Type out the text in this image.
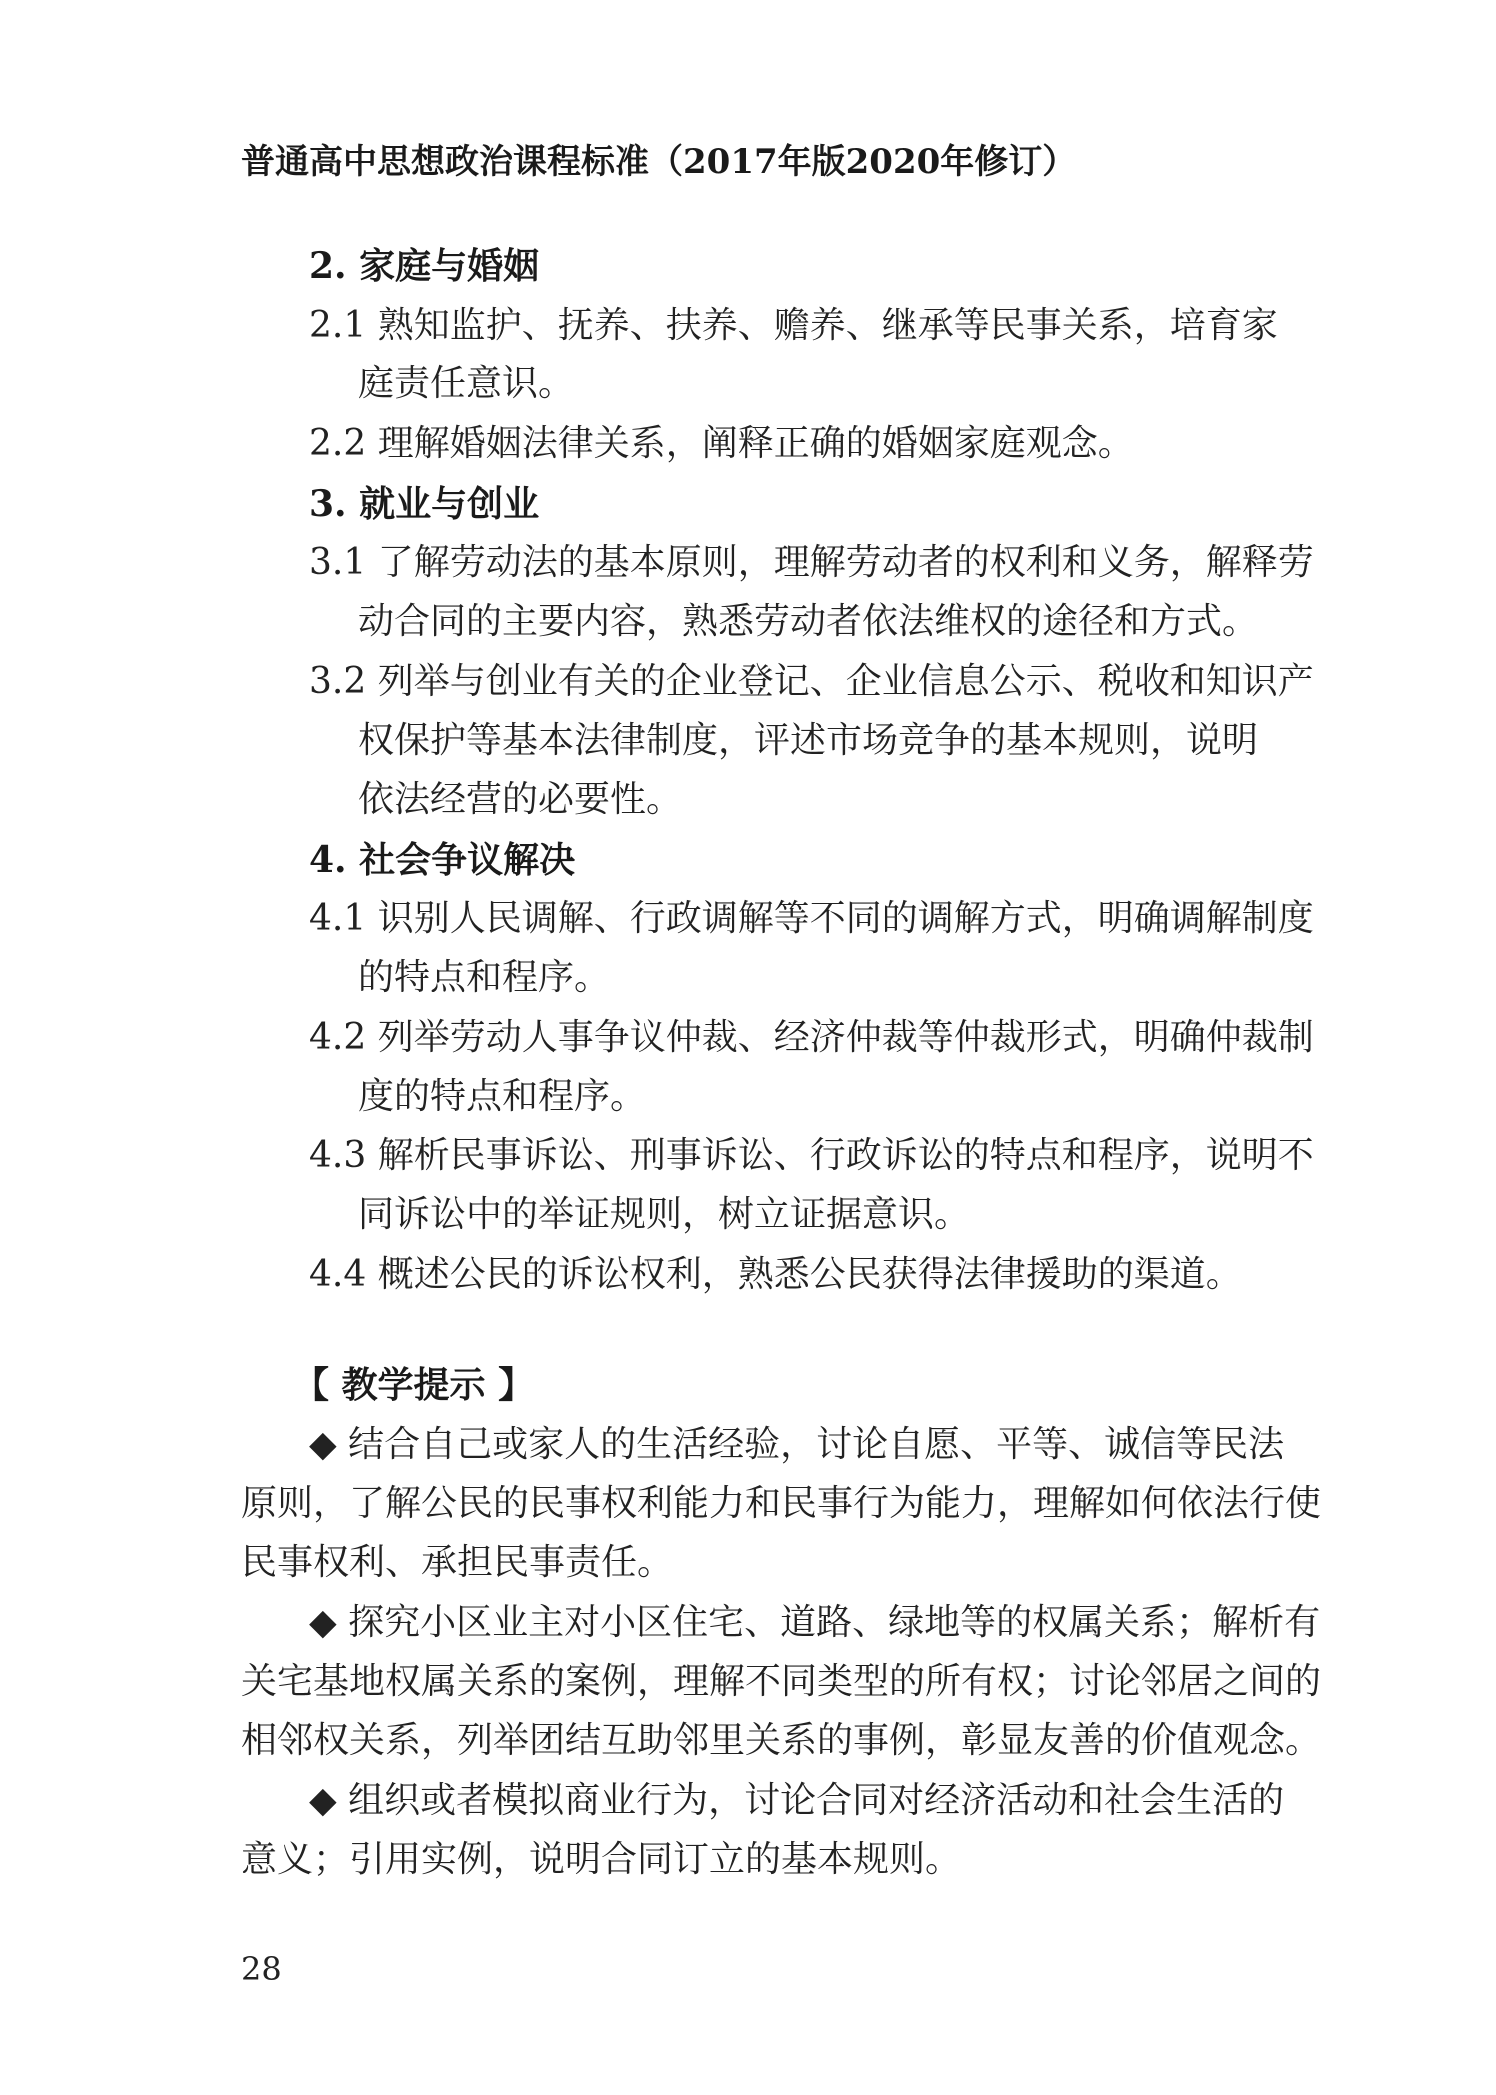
普通高中思想政治课程标准（2017年版2020年修订）
2. 家庭与婚姻
2.1 熟知监护、抚养、扶养、赡养、继承等民事关系，培育家
庭责任意识。
2.2 理解婚姻法律关系，阐释正确的婚姻家庭观念。
3. 就业与创业
3.1 了解劳动法的基本原则，理解劳动者的权利和义务，解释劳
动合同的主要内容，熟悉劳动者依法维权的途径和方式。
3.2 列举与创业有关的企业登记、企业信息公示、税收和知识产
权保护等基本法律制度，评述市场竞争的基本规则，说明
依法经营的必要性。
4. 社会争议解决
4.1 识别人民调解、行政调解等不同的调解方式，明确调解制度
的特点和程序。
4.2 列举劳动人事争议仲裁、经济仲裁等仲裁形式，明确仲裁制
度的特点和程序。
4.3 解析民事诉讼、刑事诉讼、行政诉讼的特点和程序，说明不
同诉讼中的举证规则，树立证据意识。
4.4 概述公民的诉讼权利，熟悉公民获得法律援助的渠道。
【 教学提示 】
◆ 结合自己或家人的生活经验，讨论自愿、平等、诚信等民法
原则，了解公民的民事权利能力和民事行为能力，理解如何依法行使
民事权利、承担民事责任。
◆ 探究小区业主对小区住宅、道路、绿地等的权属关系；解析有
关宅基地权属关系的案例，理解不同类型的所有权；讨论邻居之间的
相邻权关系，列举团结互助邻里关系的事例，彰显友善的价值观念。
◆ 组织或者模拟商业行为，讨论合同对经济活动和社会生活的
意义；引用实例，说明合同订立的基本规则。
28
